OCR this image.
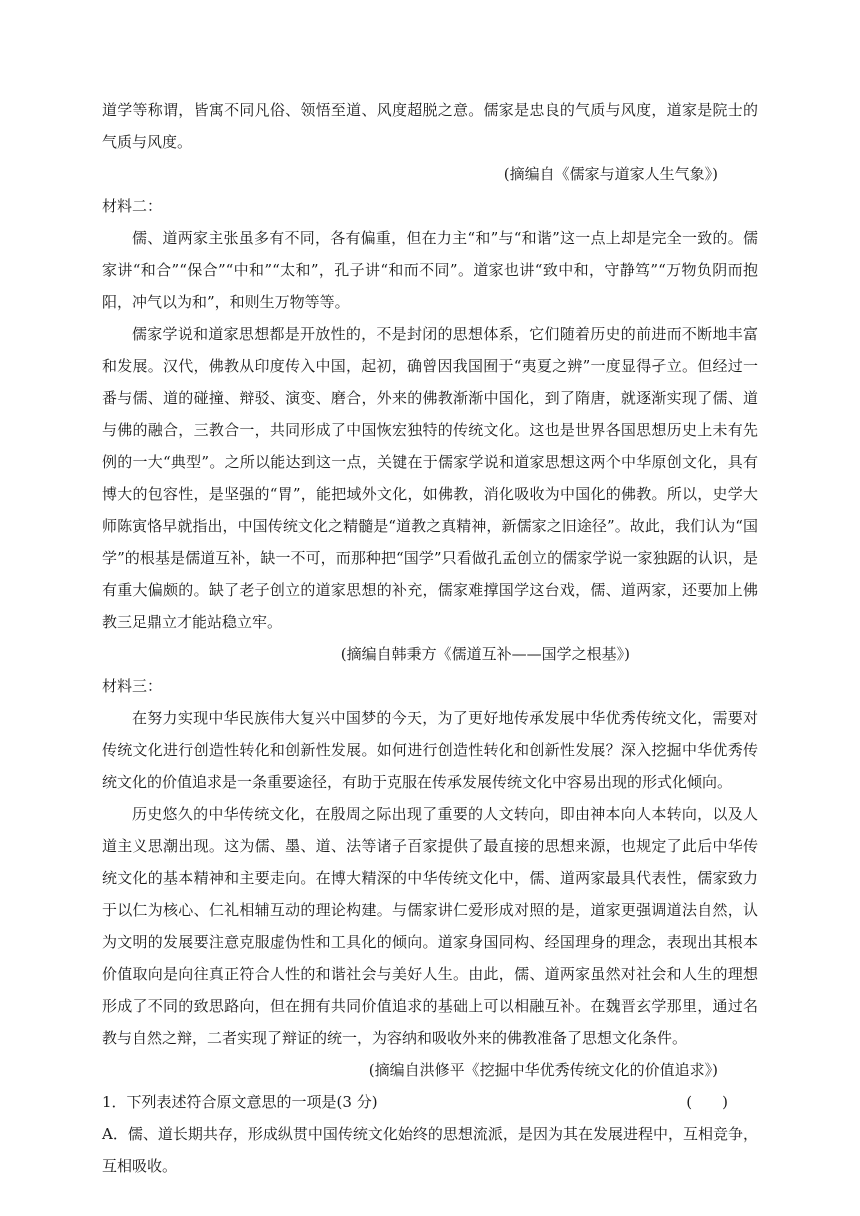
道学等称谓，皆寓不同凡俗、领悟至道、风度超脱之意。儒家是忠良的气质与风度，道家是院士的气质与风度。

(摘编自《儒家与道家人生气象》)

材料二：

儒、道两家主张虽多有不同，各有偏重，但在力主“和”与“和谐”这一点上却是完全一致的。儒家讲“和合”“保合”“中和”“太和”，孔子讲“和而不同”。道家也讲“致中和，守静笃”“万物负阴而抱阳，冲气以为和”，和则生万物等等。

儒家学说和道家思想都是开放性的，不是封闭的思想体系，它们随着历史的前进而不断地丰富和发展。汉代，佛教从印度传入中国，起初，确曾因我国囿于“夷夏之辨”一度显得孑立。但经过一番与儒、道的碰撞、辩驳、演变、磨合，外来的佛教渐渐中国化，到了隋唐，就逐渐实现了儒、道与佛的融合，三教合一，共同形成了中国恢宏独特的传统文化。这也是世界各国思想历史上未有先例的一大“典型”。之所以能达到这一点，关键在于儒家学说和道家思想这两个中华原创文化，具有博大的包容性，是坚强的“胃”，能把域外文化，如佛教，消化吸收为中国化的佛教。所以，史学大师陈寅恪早就指出，中国传统文化之精髓是“道教之真精神，新儒家之旧途径”。故此，我们认为“国学”的根基是儒道互补，缺一不可，而那种把“国学”只看做孔孟创立的儒家学说一家独踞的认识，是有重大偏颇的。缺了老子创立的道家思想的补充，儒家难撑国学这台戏，儒、道两家，还要加上佛教三足鼎立才能站稳立牢。

(摘编自韩秉方《儒道互补——国学之根基》)

材料三：

在努力实现中华民族伟大复兴中国梦的今天，为了更好地传承发展中华优秀传统文化，需要对传统文化进行创造性转化和创新性发展。如何进行创造性转化和创新性发展？深入挖掘中华优秀传统文化的价值追求是一条重要途径，有助于克服在传承发展传统文化中容易出现的形式化倾向。

历史悠久的中华传统文化，在殷周之际出现了重要的人文转向，即由神本向人本转向，以及人道主义思潮出现。这为儒、墨、道、法等诸子百家提供了最直接的思想来源，也规定了此后中华传统文化的基本精神和主要走向。在博大精深的中华传统文化中，儒、道两家最具代表性，儒家致力于以仁为核心、仁礼相辅互动的理论构建。与儒家讲仁爱形成对照的是，道家更强调道法自然，认为文明的发展要注意克服虚伪性和工具化的倾向。道家身国同构、经国理身的理念，表现出其根本价值取向是向往真正符合人性的和谐社会与美好人生。由此，儒、道两家虽然对社会和人生的理想形成了不同的致思路向，但在拥有共同价值追求的基础上可以相融互补。在魏晋玄学那里，通过名教与自然之辩，二者实现了辩证的统一，为容纳和吸收外来的佛教准备了思想文化条件。

(摘编自洪修平《挖掘中华优秀传统文化的价值追求》)

1．下列表述符合原文意思的一项是(3 分)	(　　)

A．儒、道长期共存，形成纵贯中国传统文化始终的思想流派，是因为其在发展进程中，互相竞争，互相吸收。
